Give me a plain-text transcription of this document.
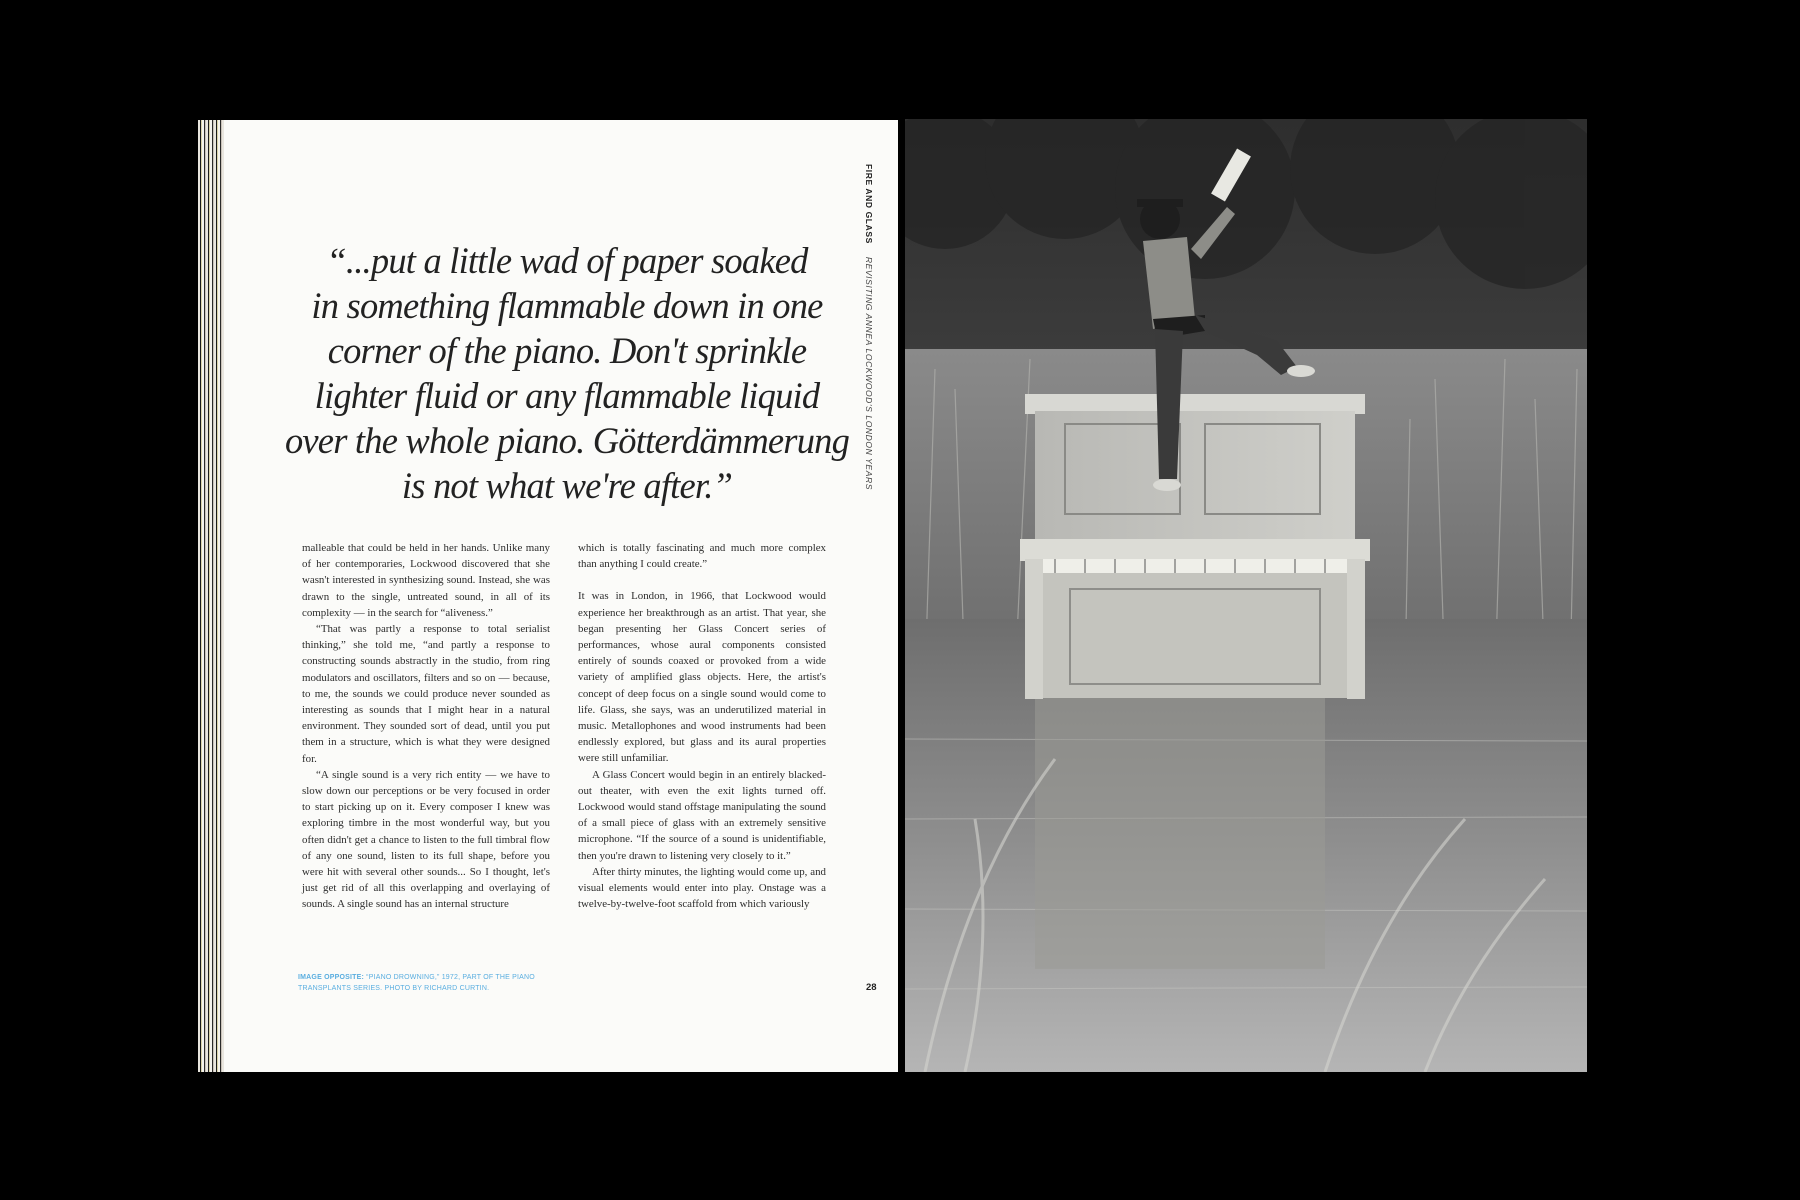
FIRE AND GLASS REVISITING ANNEA LOCKWOOD'S LONDON YEARS
“...put a little wad of paper soaked
in something flammable down in one
corner of the piano. Don't sprinkle
lighter fluid or any flammable liquid
over the whole piano. Götterdämmerung
is not what we're after.”

malleable that could be held in her hands. Unlike many of her contemporaries, Lockwood discovered that she wasn't interested in synthesizing sound. Instead, she was drawn to the single, untreated sound, in all of its complexity — in the search for “aliveness.”

“That was partly a response to total serialist thinking,” she told me, “and partly a response to constructing sounds abstractly in the studio, from ring modulators and oscillators, filters and so on — because, to me, the sounds we could produce never sounded as interesting as sounds that I might hear in a natural environment. They sounded sort of dead, until you put them in a structure, which is what they were designed for.

“A single sound is a very rich entity — we have to slow down our perceptions or be very focused in order to start picking up on it. Every composer I knew was exploring timbre in the most wonderful way, but you often didn't get a chance to listen to the full timbral flow of any one sound, listen to its full shape, before you were hit with several other sounds... So I thought, let's just get rid of all this overlapping and overlaying of sounds. A single sound has an internal structure

which is totally fascinating and much more complex than anything I could create.”

It was in London, in 1966, that Lockwood would experience her breakthrough as an artist. That year, she began presenting her Glass Concert series of performances, whose aural components consisted entirely of sounds coaxed or provoked from a wide variety of amplified glass objects. Here, the artist's concept of deep focus on a single sound would come to life. Glass, she says, was an underutilized material in music. Metallophones and wood instruments had been endlessly explored, but glass and its aural properties were still unfamiliar.

A Glass Concert would begin in an entirely blacked-out theater, with even the exit lights turned off. Lockwood would stand offstage manipulating the sound of a small piece of glass with an extremely sensitive microphone. “If the source of a sound is unidentifiable, then you're drawn to listening very closely to it.”

After thirty minutes, the lighting would come up, and visual elements would enter into play. Onstage was a twelve-by-twelve-foot scaffold from which variously

IMAGE OPPOSITE: “PIANO DROWNING,” 1972, PART OF THE PIANO TRANSPLANTS SERIES. PHOTO BY RICHARD CURTIN.	28
